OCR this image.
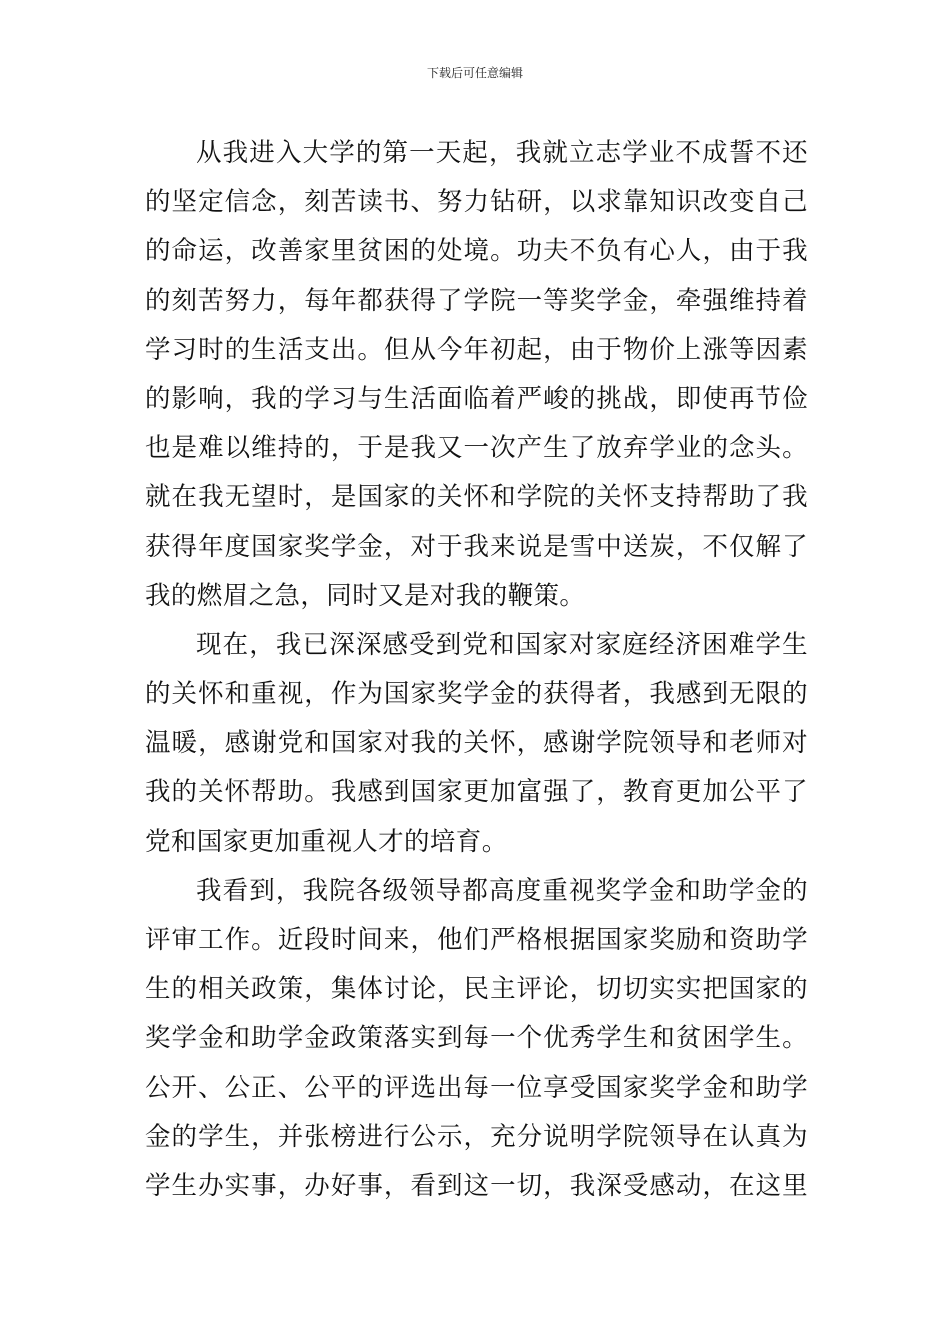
下载后可任意编辑
从我进入大学的第一天起，我就立志学业不成誓不还
的坚定信念，刻苦读书、努力钻研，以求靠知识改变自己
的命运，改善家里贫困的处境。功夫不负有心人，由于我
的刻苦努力，每年都获得了学院一等奖学金，牵强维持着
学习时的生活支出。但从今年初起，由于物价上涨等因素
的影响，我的学习与生活面临着严峻的挑战，即使再节俭
也是难以维持的，于是我又一次产生了放弃学业的念头。
就在我无望时，是国家的关怀和学院的关怀支持帮助了我
获得年度国家奖学金，对于我来说是雪中送炭，不仅解了
我的燃眉之急，同时又是对我的鞭策。
现在，我已深深感受到党和国家对家庭经济困难学生
的关怀和重视，作为国家奖学金的获得者，我感到无限的
温暖，感谢党和国家对我的关怀，感谢学院领导和老师对
我的关怀帮助。我感到国家更加富强了，教育更加公平了
党和国家更加重视人才的培育。
我看到，我院各级领导都高度重视奖学金和助学金的
评审工作。近段时间来，他们严格根据国家奖励和资助学
生的相关政策，集体讨论，民主评论，切切实实把国家的
奖学金和助学金政策落实到每一个优秀学生和贫困学生。
公开、公正、公平的评选出每一位享受国家奖学金和助学
金的学生，并张榜进行公示，充分说明学院领导在认真为
学生办实事，办好事，看到这一切，我深受感动，在这里
